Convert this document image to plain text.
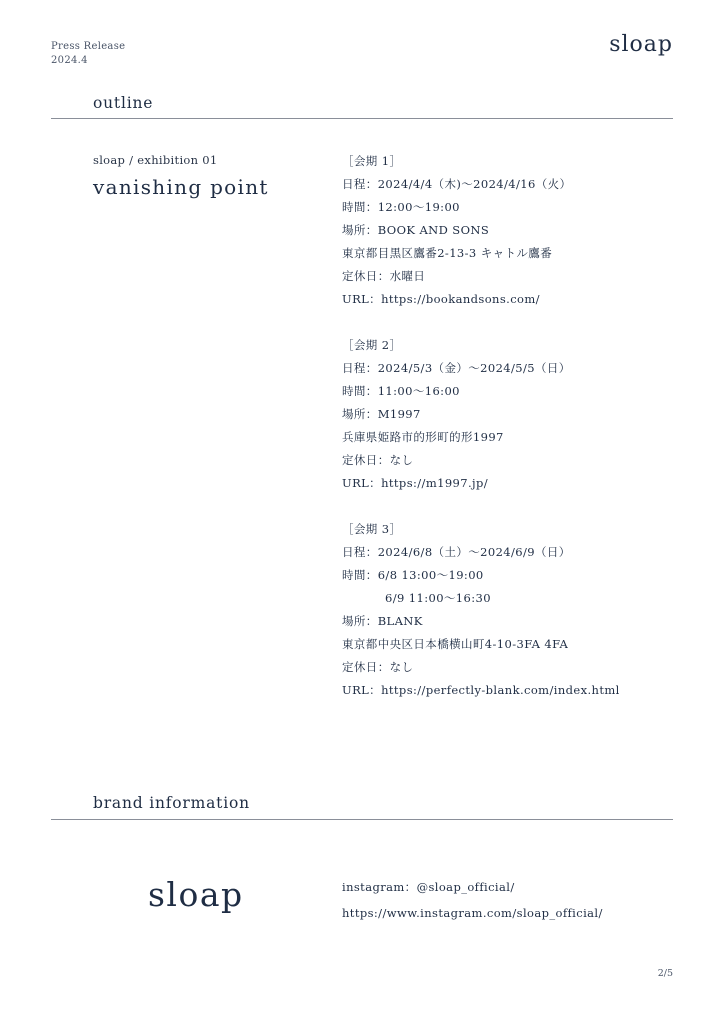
Press Release
2024.4
sloap
outline
sloap / exhibition 01
vanishing point
［会期 1］
日程：2024/4/4（木)〜2024/4/16（火）
時間：12:00〜19:00
場所：BOOK AND SONS
東京都目黒区鷹番2-13-3 キャトル鷹番
定休日：水曜日
URL：https://bookandsons.com/
［会期 2］
日程：2024/5/3（金）〜2024/5/5（日）
時間：11:00〜16:00
場所：M1997
兵庫県姫路市的形町的形1997
定休日：なし
URL：https://m1997.jp/
［会期 3］
日程：2024/6/8（土）〜2024/6/9（日）
時間：6/8 13:00〜19:00
6/9 11:00〜16:30
場所：BLANK
東京都中央区日本橋横山町4-10-3FA 4FA
定休日：なし
URL：https://perfectly-blank.com/index.html
brand information
sloap	instagram：@sloap_official/
https://www.instagram.com/sloap_official/
2/5
